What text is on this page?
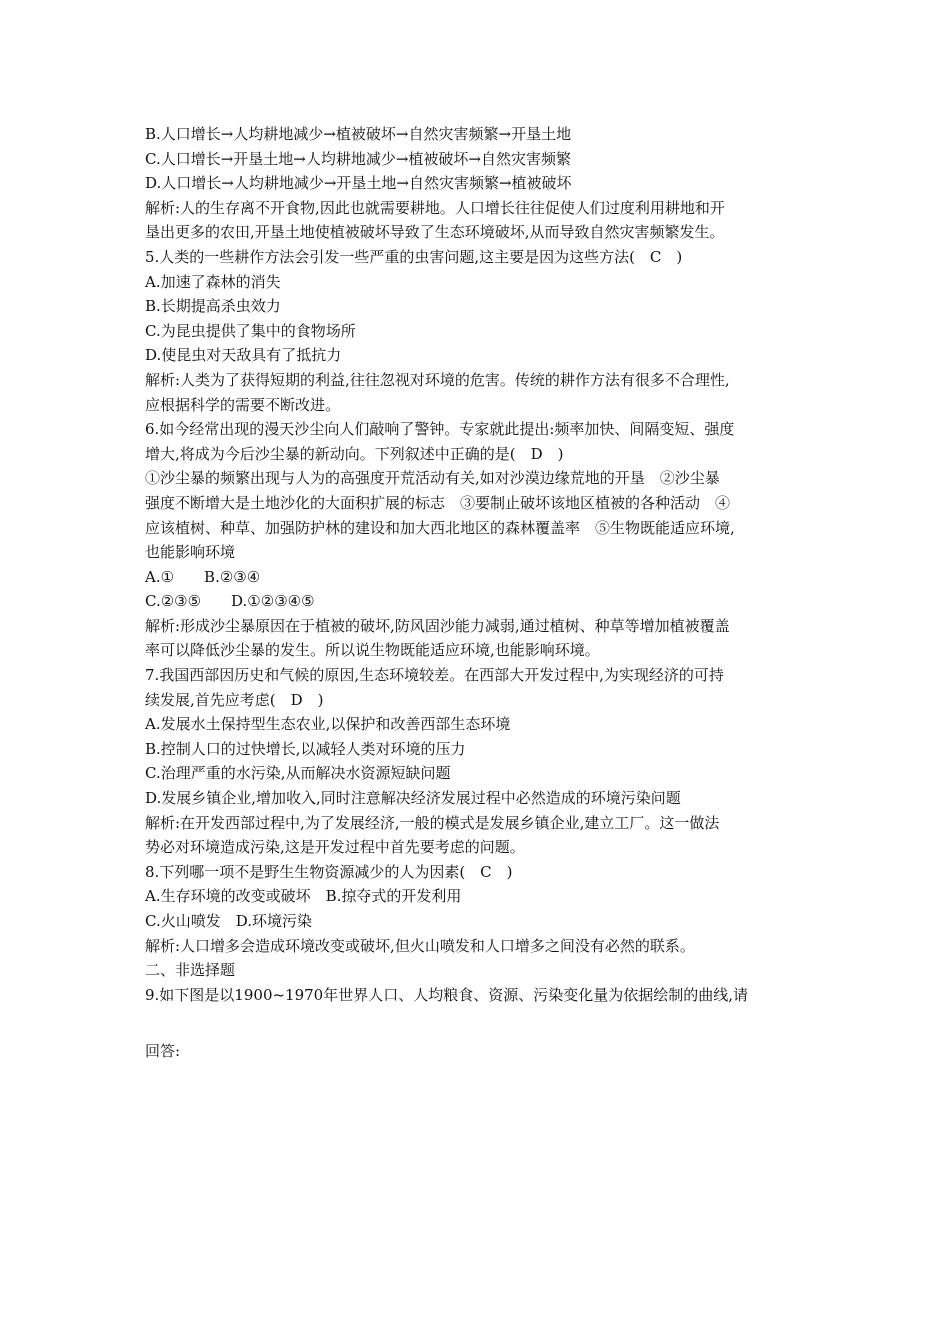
B.人口增长→人均耕地减少→植被破坏→自然灾害频繁→开垦土地
C.人口增长→开垦土地→人均耕地减少→植被破坏→自然灾害频繁
D.人口增长→人均耕地减少→开垦土地→自然灾害频繁→植被破坏
解析:人的生存离不开食物,因此也就需要耕地。人口增长往往促使人们过度利用耕地和开
垦出更多的农田,开垦土地使植被破坏导致了生态环境破坏,从而导致自然灾害频繁发生。
5.人类的一些耕作方法会引发一些严重的虫害问题,这主要是因为这些方法(　C　)
A.加速了森林的消失
B.长期提高杀虫效力
C.为昆虫提供了集中的食物场所
D.使昆虫对天敌具有了抵抗力
解析:人类为了获得短期的利益,往往忽视对环境的危害。传统的耕作方法有很多不合理性,
应根据科学的需要不断改进。
6.如今经常出现的漫天沙尘向人们敲响了警钟。专家就此提出:频率加快、间隔变短、强度
增大,将成为今后沙尘暴的新动向。下列叙述中正确的是(　D　)
①沙尘暴的频繁出现与人为的高强度开荒活动有关,如对沙漠边缘荒地的开垦　②沙尘暴
强度不断增大是土地沙化的大面积扩展的标志　③要制止破坏该地区植被的各种活动　④
应该植树、种草、加强防护林的建设和加大西北地区的森林覆盖率　⑤生物既能适应环境,
也能影响环境
A.①　　B.②③④
C.②③⑤　　D.①②③④⑤
解析:形成沙尘暴原因在于植被的破坏,防风固沙能力减弱,通过植树、种草等增加植被覆盖
率可以降低沙尘暴的发生。所以说生物既能适应环境,也能影响环境。
7.我国西部因历史和气候的原因,生态环境较差。在西部大开发过程中,为实现经济的可持
续发展,首先应考虑(　D　)
A.发展水土保持型生态农业,以保护和改善西部生态环境
B.控制人口的过快增长,以减轻人类对环境的压力
C.治理严重的水污染,从而解决水资源短缺问题
D.发展乡镇企业,增加收入,同时注意解决经济发展过程中必然造成的环境污染问题
解析:在开发西部过程中,为了发展经济,一般的模式是发展乡镇企业,建立工厂。这一做法
势必对环境造成污染,这是开发过程中首先要考虑的问题。
8.下列哪一项不是野生生物资源减少的人为因素(　C　)
A.生存环境的改变或破坏　B.掠夺式的开发利用
C.火山喷发　D.环境污染
解析:人口增多会造成环境改变或破坏,但火山喷发和人口增多之间没有必然的联系。
二、非选择题
9.如下图是以1900~1970年世界人口、人均粮食、资源、污染变化量为依据绘制的曲线,请
回答:
